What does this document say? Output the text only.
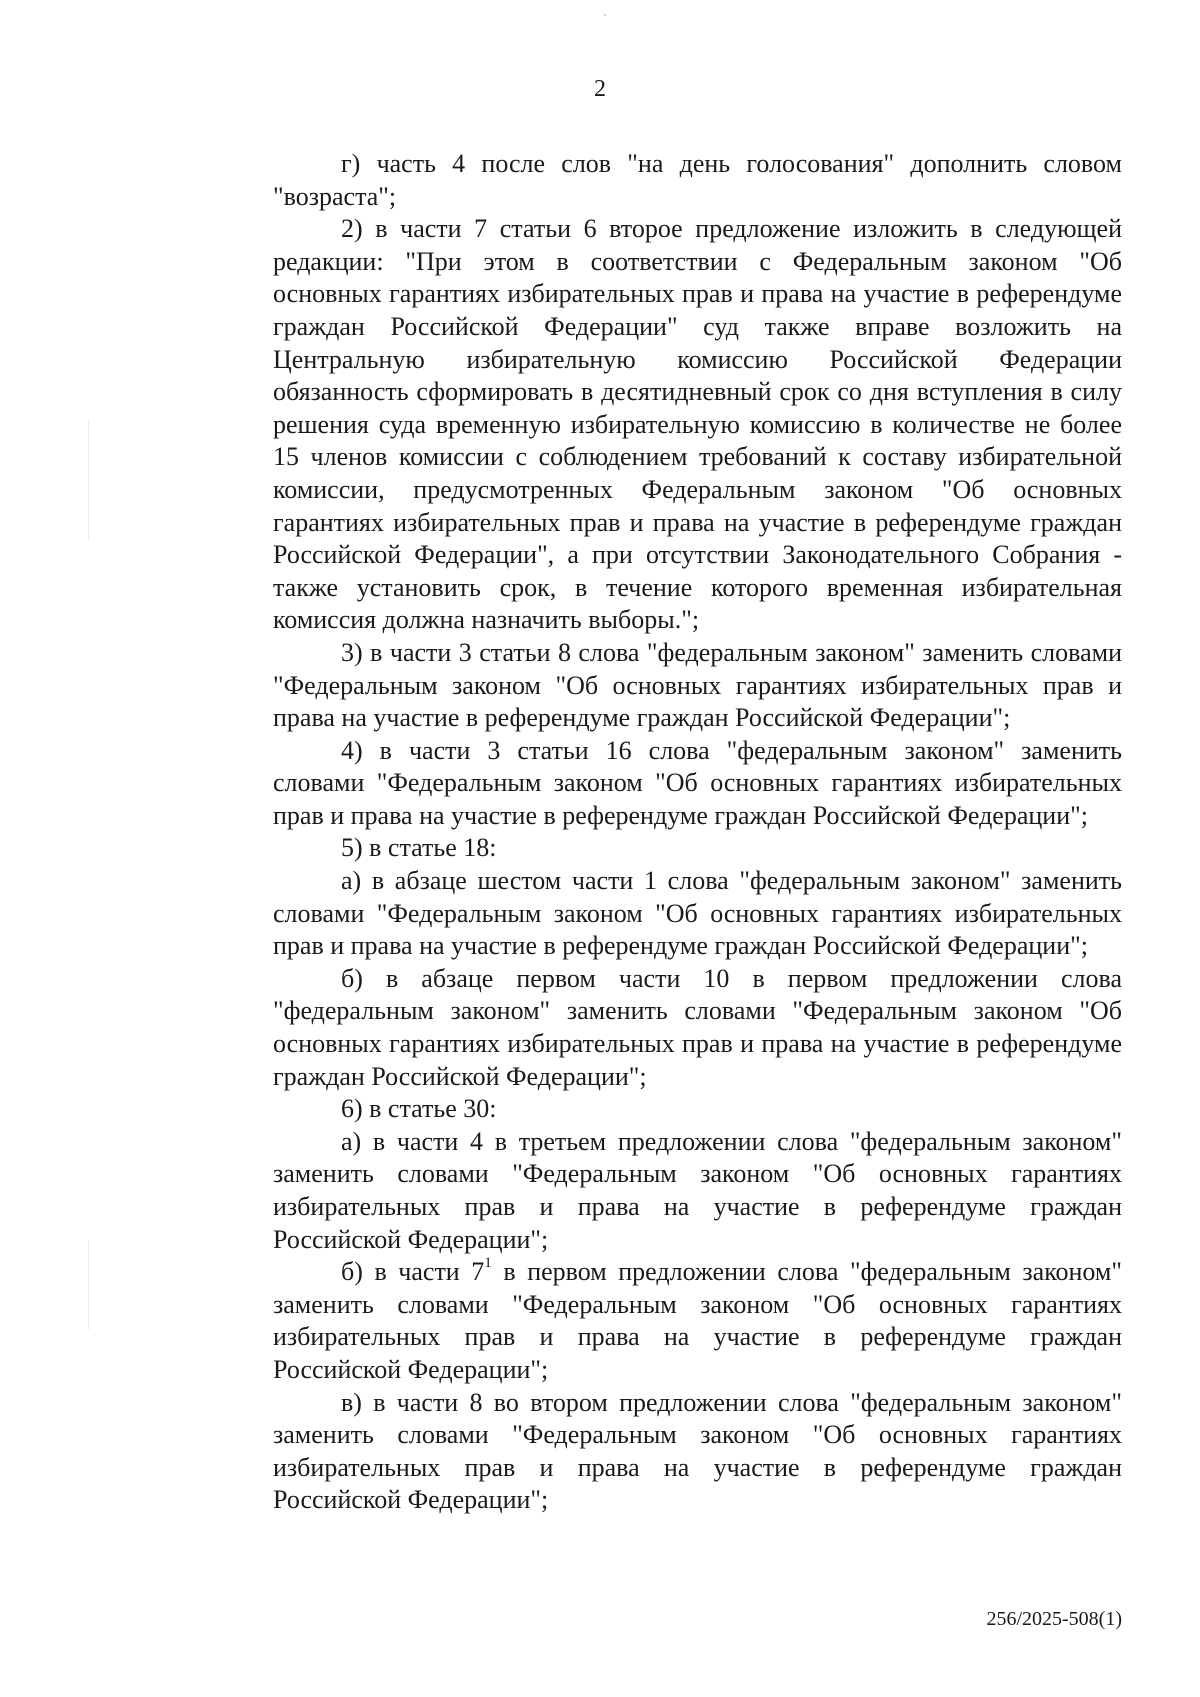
2
г) часть 4 после слов "на день голосования" дополнить словом
"возраста";
2) в части 7 статьи 6 второе предложение изложить в следующей
редакции: "При этом в соответствии с Федеральным законом "Об
основных гарантиях избирательных прав и права на участие в референдуме
граждан Российской Федерации" суд также вправе возложить на
Центральную избирательную комиссию Российской Федерации
обязанность сформировать в десятидневный срок со дня вступления в силу
решения суда временную избирательную комиссию в количестве не более
15 членов комиссии с соблюдением требований к составу избирательной
комиссии, предусмотренных Федеральным законом "Об основных
гарантиях избирательных прав и права на участие в референдуме граждан
Российской Федерации", а при отсутствии Законодательного Собрания -
также установить срок, в течение которого временная избирательная
комиссия должна назначить выборы.";
3) в части 3 статьи 8 слова "федеральным законом" заменить словами
"Федеральным законом "Об основных гарантиях избирательных прав и
права на участие в референдуме граждан Российской Федерации";
4) в части 3 статьи 16 слова "федеральным законом" заменить
словами "Федеральным законом "Об основных гарантиях избирательных
прав и права на участие в референдуме граждан Российской Федерации";
5) в статье 18:
а) в абзаце шестом части 1 слова "федеральным законом" заменить
словами "Федеральным законом "Об основных гарантиях избирательных
прав и права на участие в референдуме граждан Российской Федерации";
б) в абзаце первом части 10 в первом предложении слова
"федеральным законом" заменить словами "Федеральным законом "Об
основных гарантиях избирательных прав и права на участие в референдуме
граждан Российской Федерации";
6) в статье 30:
а) в части 4 в третьем предложении слова "федеральным законом"
заменить словами "Федеральным законом "Об основных гарантиях
избирательных прав и права на участие в референдуме граждан
Российской Федерации";
б) в части $7^1$ в первом предложении слова "федеральным законом"
заменить словами "Федеральным законом "Об основных гарантиях
избирательных прав и права на участие в референдуме граждан
Российской Федерации";
в) в части 8 во втором предложении слова "федеральным законом"
заменить словами "Федеральным законом "Об основных гарантиях
избирательных прав и права на участие в референдуме граждан
Российской Федерации";
256/2025-508(1)
